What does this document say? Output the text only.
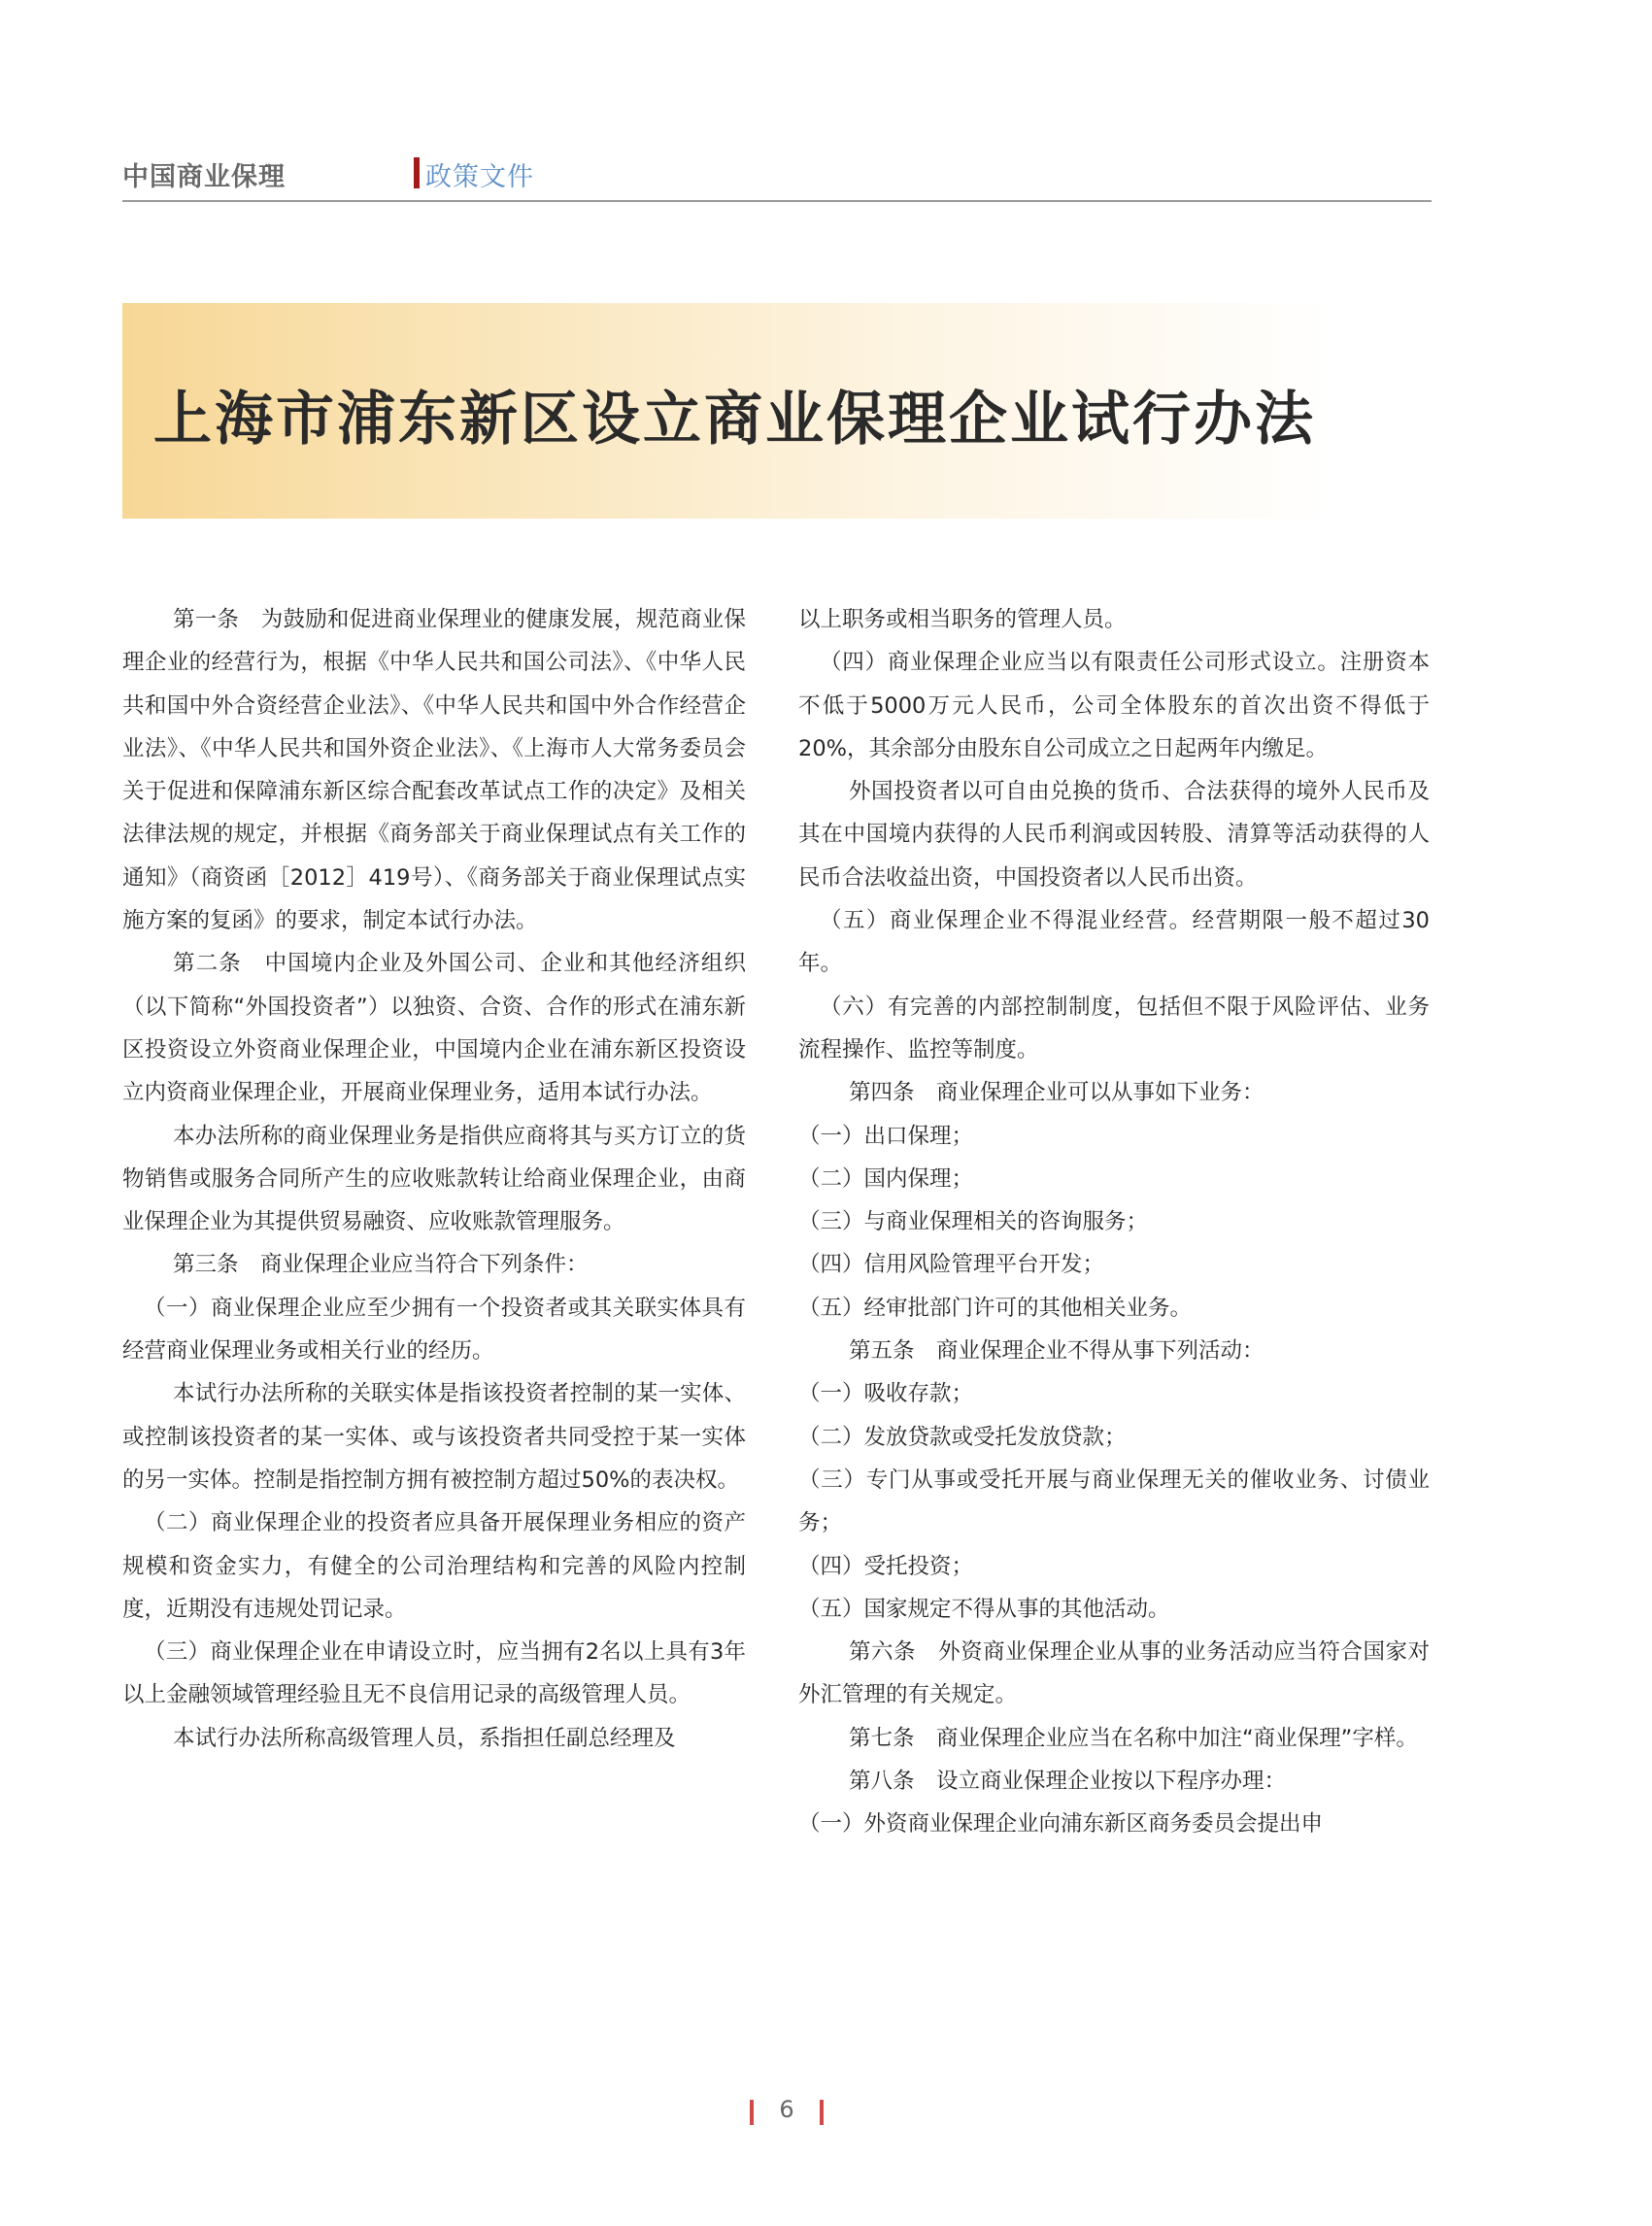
中国商业保理	政策文件
上海市浦东新区设立商业保理企业试行办法

第一条　为鼓励和促进商业保理业的健康发展，规范商业保理企业的经营行为，根据《中华人民共和国公司法》、《中华人民共和国中外合资经营企业法》、《中华人民共和国中外合作经营企业法》、《中华人民共和国外资企业法》、《上海市人大常务委员会关于促进和保障浦东新区综合配套改革试点工作的决定》及相关法律法规的规定，并根据《商务部关于商业保理试点有关工作的通知》（商资函［2012］419号）、《商务部关于商业保理试点实施方案的复函》的要求，制定本试行办法。

第二条　中国境内企业及外国公司、企业和其他经济组织（以下简称“外国投资者”）以独资、合资、合作的形式在浦东新区投资设立外资商业保理企业，中国境内企业在浦东新区投资设立内资商业保理企业，开展商业保理业务，适用本试行办法。

本办法所称的商业保理业务是指供应商将其与买方订立的货物销售或服务合同所产生的应收账款转让给商业保理企业，由商业保理企业为其提供贸易融资、应收账款管理服务。

第三条　商业保理企业应当符合下列条件：

（一）商业保理企业应至少拥有一个投资者或其关联实体具有经营商业保理业务或相关行业的经历。

本试行办法所称的关联实体是指该投资者控制的某一实体、或控制该投资者的某一实体、或与该投资者共同受控于某一实体的另一实体。控制是指控制方拥有被控制方超过50%的表决权。

（二）商业保理企业的投资者应具备开展保理业务相应的资产规模和资金实力，有健全的公司治理结构和完善的风险内控制度，近期没有违规处罚记录。

（三）商业保理企业在申请设立时，应当拥有2名以上具有3年以上金融领域管理经验且无不良信用记录的高级管理人员。

本试行办法所称高级管理人员，系指担任副总经理及

以上职务或相当职务的管理人员。

（四）商业保理企业应当以有限责任公司形式设立。注册资本不低于5000万元人民币，公司全体股东的首次出资不得低于20%，其余部分由股东自公司成立之日起两年内缴足。

外国投资者以可自由兑换的货币、合法获得的境外人民币及其在中国境内获得的人民币利润或因转股、清算等活动获得的人民币合法收益出资，中国投资者以人民币出资。

（五）商业保理企业不得混业经营。经营期限一般不超过30年。

（六）有完善的内部控制制度，包括但不限于风险评估、业务流程操作、监控等制度。

第四条　商业保理企业可以从事如下业务：

（一）出口保理；

（二）国内保理；

（三）与商业保理相关的咨询服务；

（四）信用风险管理平台开发；

（五）经审批部门许可的其他相关业务。

第五条　商业保理企业不得从事下列活动：

（一）吸收存款；

（二）发放贷款或受托发放贷款；

（三）专门从事或受托开展与商业保理无关的催收业务、讨债业务；

（四）受托投资；

（五）国家规定不得从事的其他活动。

第六条　外资商业保理企业从事的业务活动应当符合国家对外汇管理的有关规定。

第七条　商业保理企业应当在名称中加注“商业保理”字样。

第八条　设立商业保理企业按以下程序办理：

（一）外资商业保理企业向浦东新区商务委员会提出申

6
